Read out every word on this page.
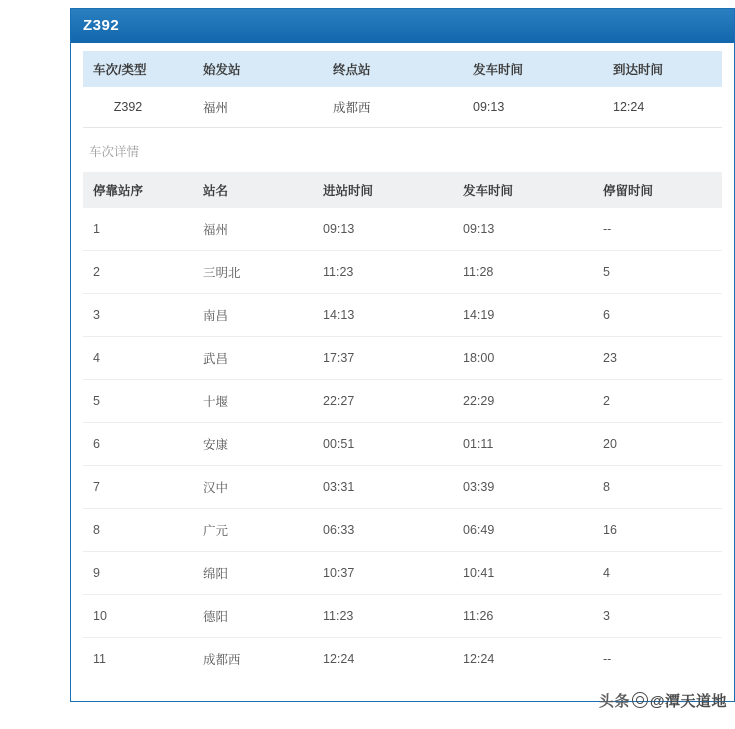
Z392
车次/类型	始发站	终点站	发车时间	到达时间
Z392	福州	成都西	09:13	12:24
车次详情
停靠站序	站名	进站时间	发车时间	停留时间
1	福州	09:13	09:13	--
2	三明北	11:23	11:28	5
3	南昌	14:13	14:19	6
4	武昌	17:37	18:00	23
5	十堰	22:27	22:29	2
6	安康	00:51	01:11	20
7	汉中	03:31	03:39	8
8	广元	06:33	06:49	16
9	绵阳	10:37	10:41	4
10	德阳	11:23	11:26	3
11	成都西	12:24	12:24	--
头条 @潭天道地
